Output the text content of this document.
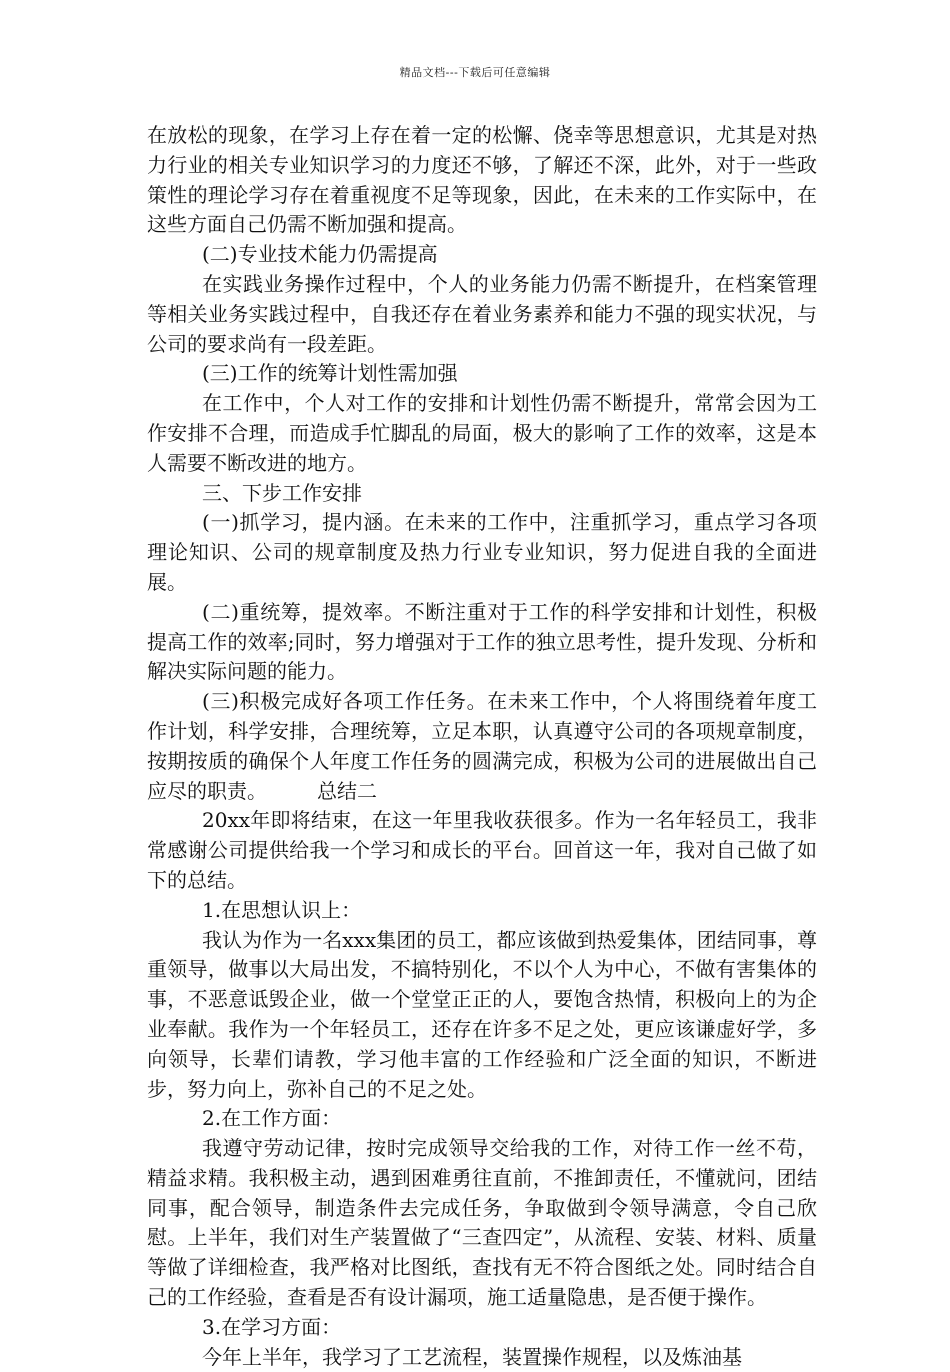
精品文档---下载后可任意编辑

在放松的现象，在学习上存在着一定的松懈、侥幸等思想意识，尤其是对热力行业的相关专业知识学习的力度还不够，了解还不深，此外，对于一些政策性的理论学习存在着重视度不足等现象，因此，在未来的工作实际中，在这些方面自己仍需不断加强和提高。

(二)专业技术能力仍需提高

在实践业务操作过程中，个人的业务能力仍需不断提升，在档案管理等相关业务实践过程中，自我还存在着业务素养和能力不强的现实状况，与公司的要求尚有一段差距。

(三)工作的统筹计划性需加强

在工作中，个人对工作的安排和计划性仍需不断提升，常常会因为工作安排不合理，而造成手忙脚乱的局面，极大的影响了工作的效率，这是本人需要不断改进的地方。

三、下步工作安排

(一)抓学习，提内涵。在未来的工作中，注重抓学习，重点学习各项理论知识、公司的规章制度及热力行业专业知识，努力促进自我的全面进展。

(二)重统筹，提效率。不断注重对于工作的科学安排和计划性，积极提高工作的效率;同时，努力增强对于工作的独立思考性，提升发现、分析和解决实际问题的能力。

(三)积极完成好各项工作任务。在未来工作中，个人将围绕着年度工作计划，科学安排，合理统筹，立足本职，认真遵守公司的各项规章制度，按期按质的确保个人年度工作任务的圆满完成，积极为公司的进展做出自己应尽的职责。　　　总结二

20xx年即将结束，在这一年里我收获很多。作为一名年轻员工，我非常感谢公司提供给我一个学习和成长的平台。回首这一年，我对自己做了如下的总结。

1.在思想认识上：

我认为作为一名xxx集团的员工，都应该做到热爱集体，团结同事，尊重领导，做事以大局出发，不搞特别化，不以个人为中心，不做有害集体的事，不恶意诋毁企业，做一个堂堂正正的人，要饱含热情，积极向上的为企业奉献。我作为一个年轻员工，还存在许多不足之处，更应该谦虚好学，多向领导，长辈们请教，学习他丰富的工作经验和广泛全面的知识，不断进步，努力向上，弥补自己的不足之处。

2.在工作方面：

我遵守劳动记律，按时完成领导交给我的工作，对待工作一丝不苟，精益求精。我积极主动，遇到困难勇往直前，不推卸责任，不懂就问，团结同事，配合领导，制造条件去完成任务，争取做到令领导满意，令自己欣慰。上半年，我们对生产装置做了“三查四定”，从流程、安装、材料、质量等做了详细检查，我严格对比图纸，查找有无不符合图纸之处。同时结合自己的工作经验，查看是否有设计漏项，施工适量隐患，是否便于操作。

3.在学习方面：

今年上半年，我学习了工艺流程，装置操作规程，以及炼油基
